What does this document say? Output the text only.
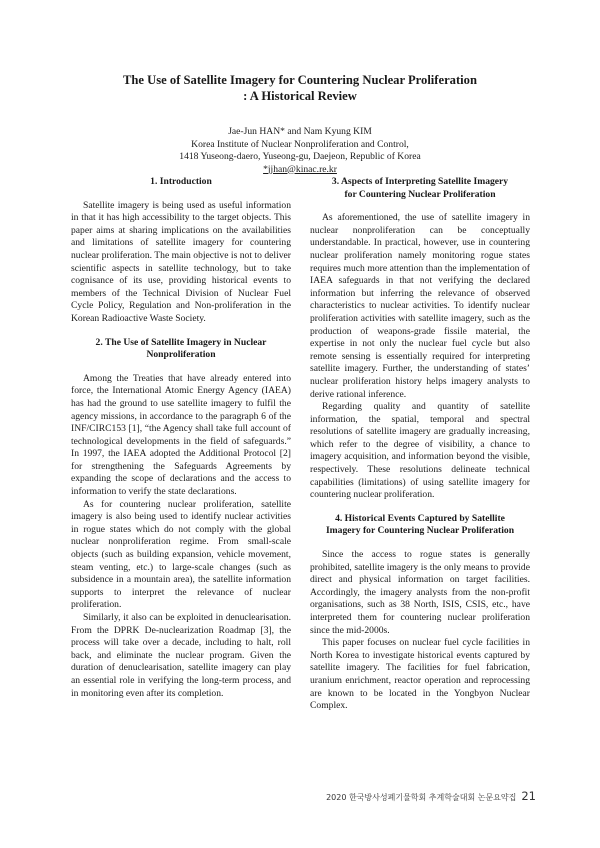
The Use of Satellite Imagery for Countering Nuclear Proliferation
: A Historical Review
Jae-Jun HAN* and Nam Kyung KIM
Korea Institute of Nuclear Nonproliferation and Control,
1418 Yuseong-daero, Yuseong-gu, Daejeon, Republic of Korea
*jjhan@kinac.re.kr
1. Introduction

Satellite imagery is being used as useful information in that it has high accessibility to the target objects. This paper aims at sharing implications on the availabilities and limitations of satellite imagery for countering nuclear proliferation. The main objective is not to deliver scientific aspects in satellite technology, but to take cognisance of its use, providing historical events to members of the Technical Division of Nuclear Fuel Cycle Policy, Regulation and Non-proliferation in the Korean Radioactive Waste Society.

2. The Use of Satellite Imagery in Nuclear
Nonproliferation

Among the Treaties that have already entered into force, the International Atomic Energy Agency (IAEA) has had the ground to use satellite imagery to fulfil the agency missions, in accordance to the paragraph 6 of the INF/CIRC153 [1], “the Agency shall take full account of technological developments in the field of safeguards.” In 1997, the IAEA adopted the Additional Protocol [2] for strengthening the Safeguards Agreements by expanding the scope of declarations and the access to information to verify the state declarations.

As for countering nuclear proliferation, satellite imagery is also being used to identify nuclear activities in rogue states which do not comply with the global nuclear nonproliferation regime. From small-scale objects (such as building expansion, vehicle movement, steam venting, etc.) to large-scale changes (such as subsidence in a mountain area), the satellite information supports to interpret the relevance of nuclear proliferation.

Similarly, it also can be exploited in denuclearisation. From the DPRK De-nuclearization Roadmap [3], the process will take over a decade, including to halt, roll back, and eliminate the nuclear program. Given the duration of denuclearisation, satellite imagery can play an essential role in verifying the long-term process, and in monitoring even after its completion.

3. Aspects of Interpreting Satellite Imagery
for Countering Nuclear Proliferation

As aforementioned, the use of satellite imagery in nuclear nonproliferation can be conceptually understandable. In practical, however, use in countering nuclear proliferation namely monitoring rogue states requires much more attention than the implementation of IAEA safeguards in that not verifying the declared information but inferring the relevance of observed characteristics to nuclear activities. To identify nuclear proliferation activities with satellite imagery, such as the production of weapons-grade fissile material, the expertise in not only the nuclear fuel cycle but also remote sensing is essentially required for interpreting satellite imagery. Further, the understanding of states’ nuclear proliferation history helps imagery analysts to derive rational inference.

Regarding quality and quantity of satellite information, the spatial, temporal and spectral resolutions of satellite imagery are gradually increasing, which refer to the degree of visibility, a chance to imagery acquisition, and information beyond the visible, respectively. These resolutions delineate technical capabilities (limitations) of using satellite imagery for countering nuclear proliferation.

4. Historical Events Captured by Satellite
Imagery for Countering Nuclear Proliferation

Since the access to rogue states is generally prohibited, satellite imagery is the only means to provide direct and physical information on target facilities. Accordingly, the imagery analysts from the non-profit organisations, such as 38 North, ISIS, CSIS, etc., have interpreted them for countering nuclear proliferation since the mid-2000s.

This paper focuses on nuclear fuel cycle facilities in North Korea to investigate historical events captured by satellite imagery. The facilities for fuel fabrication, uranium enrichment, reactor operation and reprocessing are known to be located in the Yongbyon Nuclear Complex.

2020 한국방사성폐기물학회 추계학술대회 논문요약집 21
